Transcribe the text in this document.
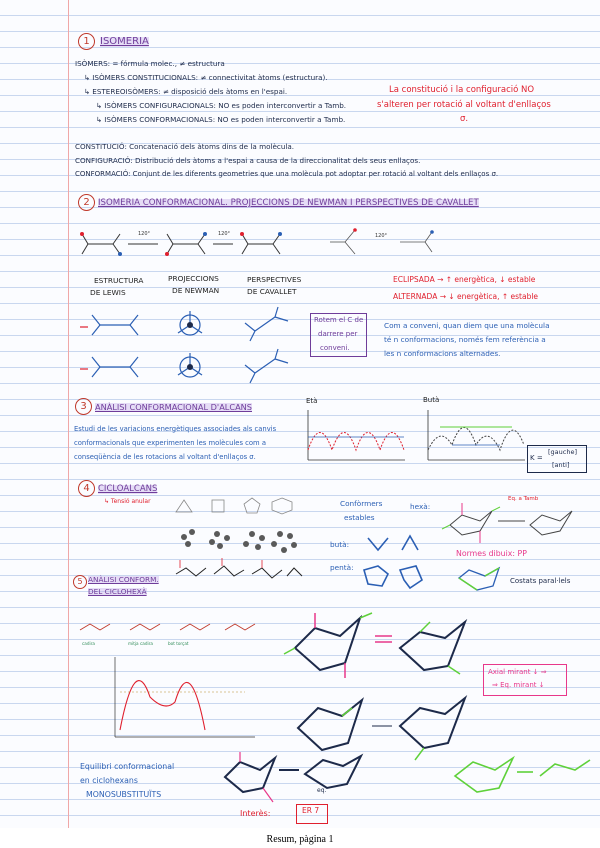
1	ISOMERIA
ISÒMERS: = fórmula molec., ≠ estructura
↳ ISÒMERS CONSTITUCIONALS: ≠ connectivitat àtoms (estructura).
↳ ESTEREOISÒMERS: ≠ disposició dels àtoms en l'espai.
↳ ISÒMERS CONFIGURACIONALS: NO es poden interconvertir a Tamb.
↳ ISÒMERS CONFORMACIONALS: NO es poden interconvertir a Tamb.
La constitució i la configuració NO
s'alteren per rotació al voltant d'enllaços
σ.
CONSTITUCIÓ: Concatenació dels àtoms dins de la molècula.
CONFIGURACIÓ: Distribució dels àtoms a l'espai a causa de la direccionalitat dels seus enllaços.
CONFORMACIÓ: Conjunt de les diferents geometries que una molècula pot adoptar per rotació al voltant dels enllaços σ.
2 ISOMERIA CONFORMACIONAL. PROJECCIONS DE NEWMAN I PERSPECTIVES DE CAVALLET
120°	120°	120°
ESTRUCTURA
DE LEWIS
PROJECCIONS
DE NEWMAN
PERSPECTIVES
DE CAVALLET
Rotem el C de
darrere per
conveni.
ECLIPSADA → ↑ energètica, ↓ estable
ALTERNADA → ↓ energètica, ↑ estable
Com a conveni, quan diem que una molècula
té n conformacions, només fem referència a
les n conformacions alternades.
3	ANÀLISI CONFORMACIONAL D'ALCANS
Estudi de les variacions energètiques associades als canvis
conformacionals que experimenten les molècules com a
conseqüència de les rotacions al voltant d'enllaços σ.
Età	Butà
K =
[gauche]
[anti]
4 CICLOALCANS
↳ Tensió anular	Confòrmers
estables
hexà:
butà:
pentà:
Eq. a Tamb
Normes dibuix: PP
Costats paral·lels
5 ANÀLISI CONFORM.
DEL CICLOHEXÀ
cadira	mitja cadira	bot torçat
Axial mirant ↓ ⇒
⇒ Eq. mirant ↓
Equilibri conformacional
en ciclohexans
MONOSUBSTITUÏTS	eq.
Interès:	ER 7
Resum, pàgina 1
